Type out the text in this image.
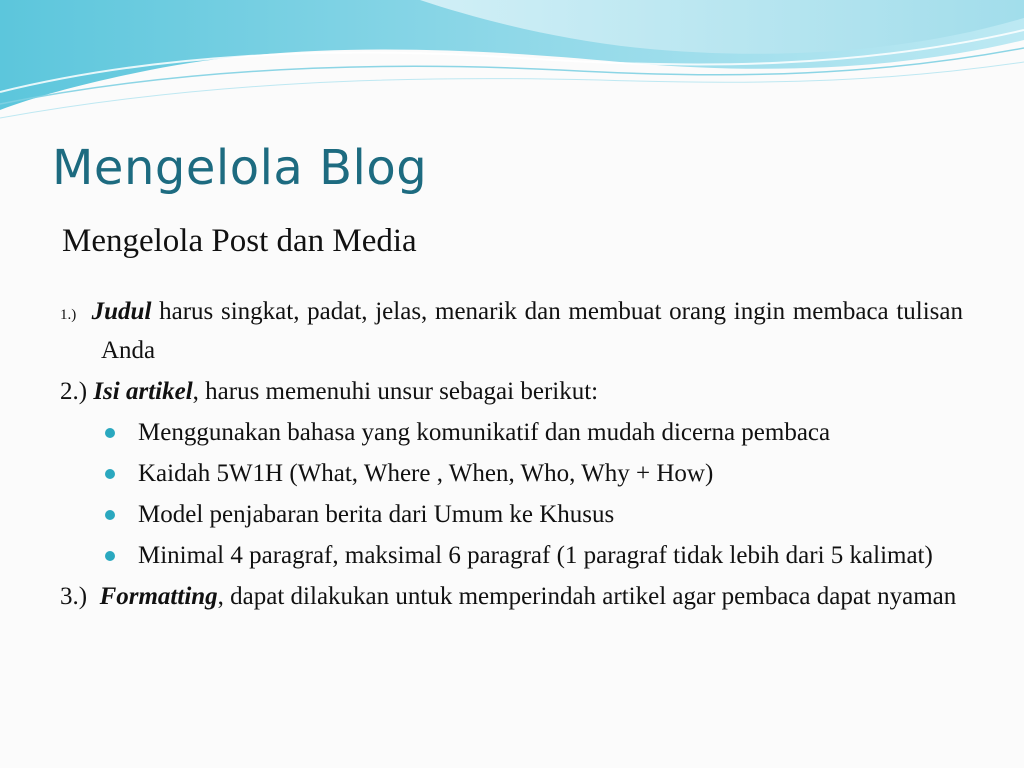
Mengelola Blog
Mengelola Post dan Media
1.) Judul harus singkat, padat, jelas, menarik dan membuat orang ingin membaca tulisan Anda
2.) Isi artikel, harus memenuhi unsur sebagai berikut:
Menggunakan bahasa yang komunikatif dan mudah dicerna pembaca
Kaidah 5W1H (What, Where , When, Who, Why + How)
Model penjabaran berita dari Umum ke Khusus
Minimal 4 paragraf, maksimal 6 paragraf (1 paragraf tidak lebih dari 5 kalimat)
3.) Formatting, dapat dilakukan untuk memperindah artikel agar pembaca dapat nyaman
